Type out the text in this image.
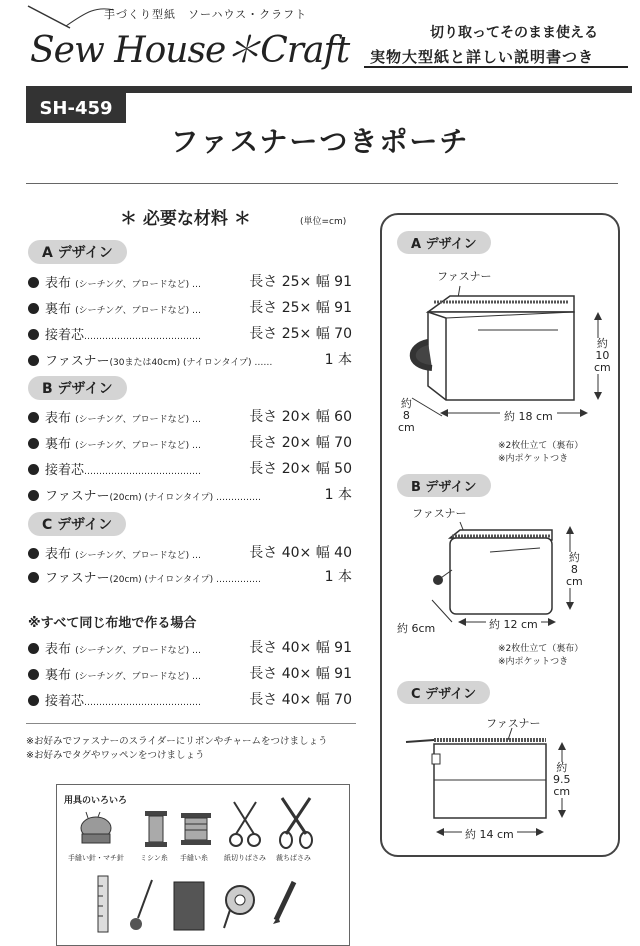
手づくり型紙　ソーハウス・クラフト
Sew House＊Craft	切り取ってそのまま使える
実物大型紙と詳しい説明書つき
SH-459
ファスナーつきポーチ
＊ 必要な材料 ＊	(単位=cm)
A デザイン
表布 (シーチング、ブロードなど) …	長さ 25× 幅 91
裏布 (シーチング、ブロードなど) …	長さ 25× 幅 91
接着芯…………………………………	長さ 25× 幅 70
ファスナー(30または40cm) (ナイロンタイプ) ……	1 本
B デザイン
表布 (シーチング、ブロードなど) …	長さ 20× 幅 60
裏布 (シーチング、ブロードなど) …	長さ 20× 幅 70
接着芯…………………………………	長さ 20× 幅 50
ファスナー(20cm) (ナイロンタイプ) ……………	1 本
C デザイン
表布 (シーチング、ブロードなど) …	長さ 40× 幅 40
ファスナー(20cm) (ナイロンタイプ) ……………	1 本
※すべて同じ布地で作る場合
表布 (シーチング、ブロードなど) …	長さ 40× 幅 91
裏布 (シーチング、ブロードなど) …	長さ 40× 幅 91
接着芯…………………………………	長さ 40× 幅 70
※お好みでファスナーのスライダーにリボンやチャームをつけましょう
※お好みでタグやワッペンをつけましょう
用具のいろいろ
手縫い針・マチ針 ミシン糸 手縫い糸 紙切りばさみ 裁ちばさみ
A デザイン
ファスナー
約
10
cm
約
8
cm
約 18 cm
※2枚仕立て（裏布）
※内ポケットつき
B デザイン
ファスナー
約
8
cm
約 6cm	約 12 cm
※2枚仕立て（裏布）
※内ポケットつき
C デザイン
ファスナー
約
9.5
cm
約 14 cm
